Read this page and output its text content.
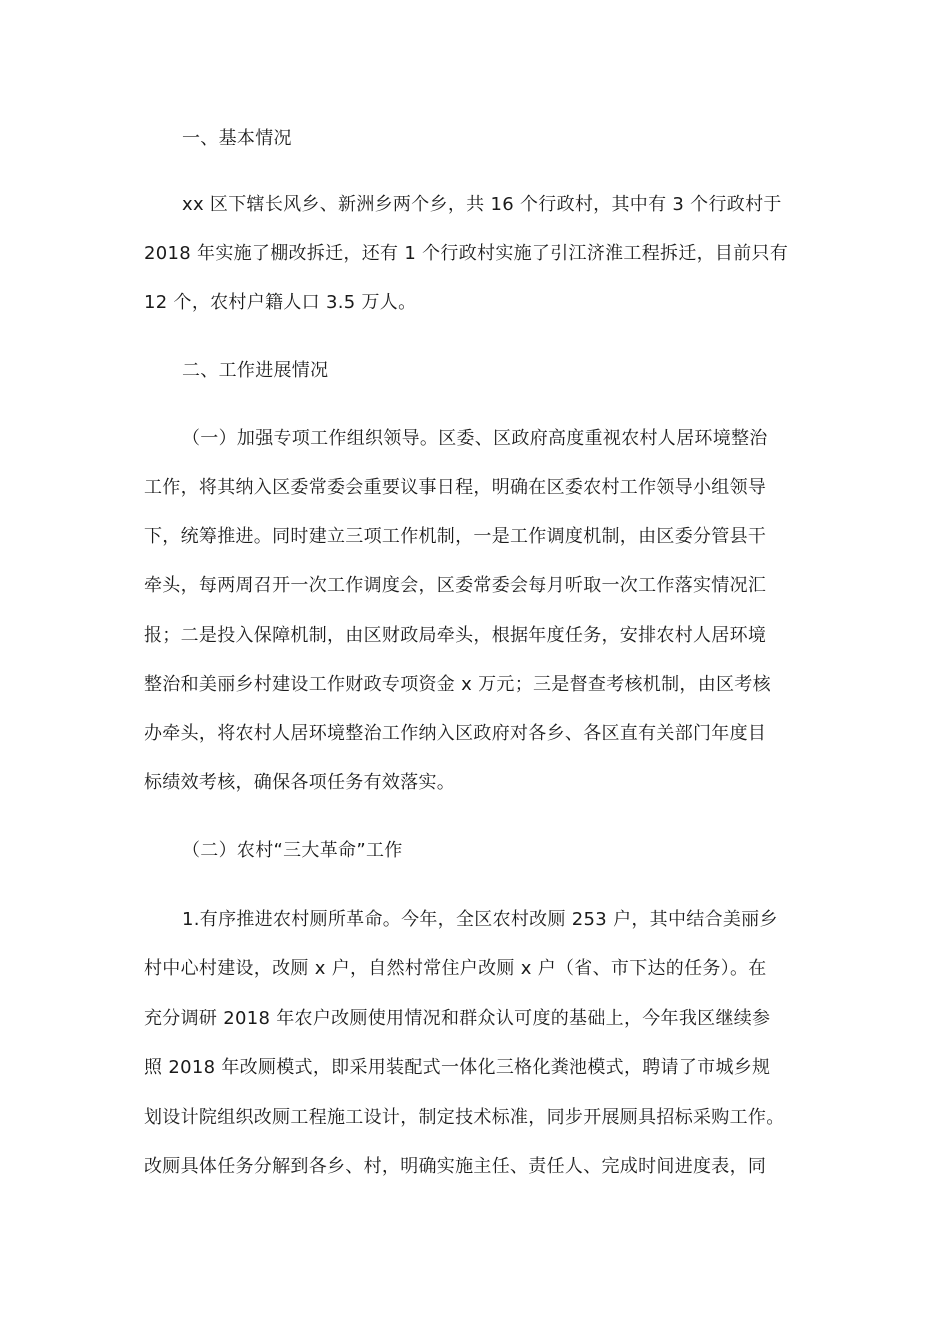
一、基本情况
xx 区下辖长风乡、新洲乡两个乡，共 16 个行政村，其中有 3 个行政村于
2018 年实施了棚改拆迁，还有 1 个行政村实施了引江济淮工程拆迁，目前只有
12 个，农村户籍人口 3.5 万人。
二、工作进展情况
（一）加强专项工作组织领导。区委、区政府高度重视农村人居环境整治
工作，将其纳入区委常委会重要议事日程，明确在区委农村工作领导小组领导
下，统筹推进。同时建立三项工作机制，一是工作调度机制，由区委分管县干
牵头，每两周召开一次工作调度会，区委常委会每月听取一次工作落实情况汇
报；二是投入保障机制，由区财政局牵头，根据年度任务，安排农村人居环境
整治和美丽乡村建设工作财政专项资金 x 万元；三是督查考核机制，由区考核
办牵头，将农村人居环境整治工作纳入区政府对各乡、各区直有关部门年度目
标绩效考核，确保各项任务有效落实。
（二）农村“三大革命”工作
1.有序推进农村厕所革命。今年，全区农村改厕 253 户，其中结合美丽乡
村中心村建设，改厕 x 户，自然村常住户改厕 x 户（省、市下达的任务）。在
充分调研 2018 年农户改厕使用情况和群众认可度的基础上，今年我区继续参
照 2018 年改厕模式，即采用装配式一体化三格化粪池模式，聘请了市城乡规
划设计院组织改厕工程施工设计，制定技术标准，同步开展厕具招标采购工作。
改厕具体任务分解到各乡、村，明确实施主任、责任人、完成时间进度表，同
